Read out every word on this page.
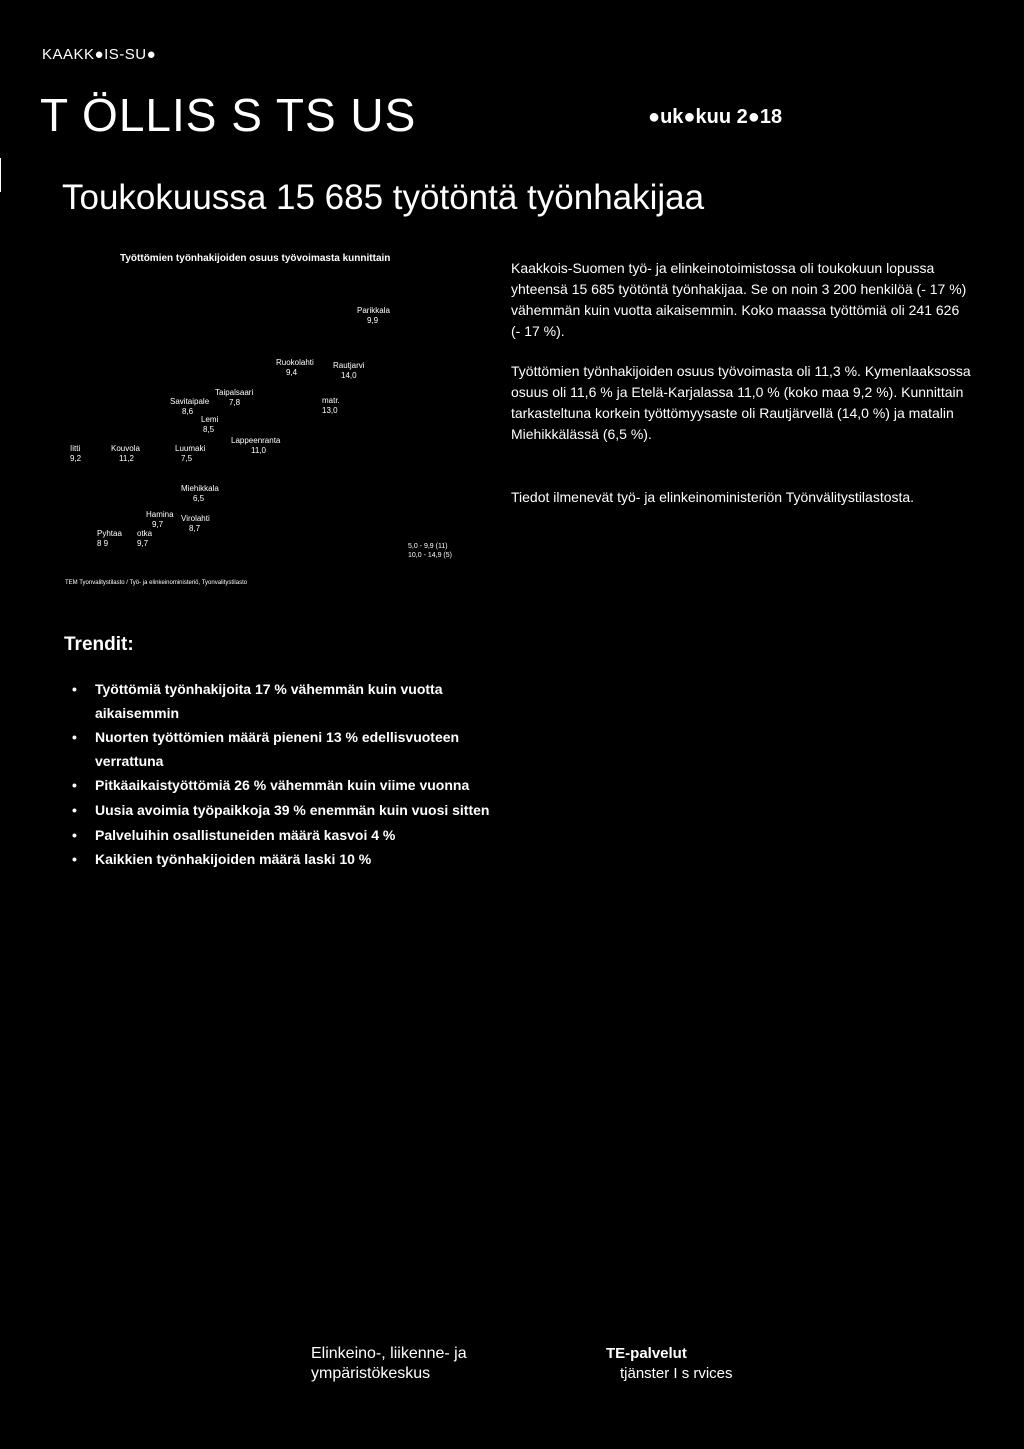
KAAKK●IS-SU●
T ÖLLIS S TS US	●uk●kuu 2●18
Toukokuussa 15 685 työtöntä työnhakijaa
Työttömien työnhakijoiden osuus työvoimasta kunnittain
Parikkala
9,9
Ruokolahti
9,4
Rautjarvi
14,0
Taipalsaari
7,8
Savitaipale
8,6
matr.
13,0
Lemi
8,5
Lappeenranta
11,0
Luumaki
7,5
Kouvola
11,2
Iitti
9,2
Miehikkala
6,5
Hamina
9,7
Virolahti
8,7
Pyhtaa
8 9
otka
9,7	5,0 - 9,9 (11)
10,0 - 14,9 (5)
TEM Tyonvalitystilasto / Työ- ja elinkeinoministeriö, Tyonvalitystilasto
Kaakkois-Suomen työ- ja elinkeinotoimistossa oli toukokuun lopussa yhteensä 15 685 työtöntä työnhakijaa. Se on noin 3 200 henkilöä (- 17 %) vähemmän kuin vuotta aikaisemmin. Koko maassa työttömiä oli 241 626 (- 17 %).
Työttömien työnhakijoiden osuus työvoimasta oli 11,3 %. Kymenlaaksossa osuus oli 11,6 % ja Etelä-Karjalassa 11,0 % (koko maa 9,2 %). Kunnittain tarkasteltuna korkein työttömyysaste oli Rautjärvellä (14,0 %) ja matalin Miehikkälässä (6,5 %).
Tiedot ilmenevät työ- ja elinkeinoministeriön Työnvälitystilastosta.
Trendit:
• Työttömiä työnhakijoita 17 % vähemmän kuin vuotta aikaisemmin
• Nuorten työttömien määrä pieneni 13 % edellisvuoteen verrattuna
• Pitkäaikaistyöttömiä 26 % vähemmän kuin viime vuonna
• Uusia avoimia työpaikkoja 39 % enemmän kuin vuosi sitten
• Palveluihin osallistuneiden määrä kasvoi 4 %
• Kaikkien työnhakijoiden määrä laski 10 %
Elinkeino-, liikenne- ja
ympäristökeskus
TE-palvelut
tjänster I s rvices
